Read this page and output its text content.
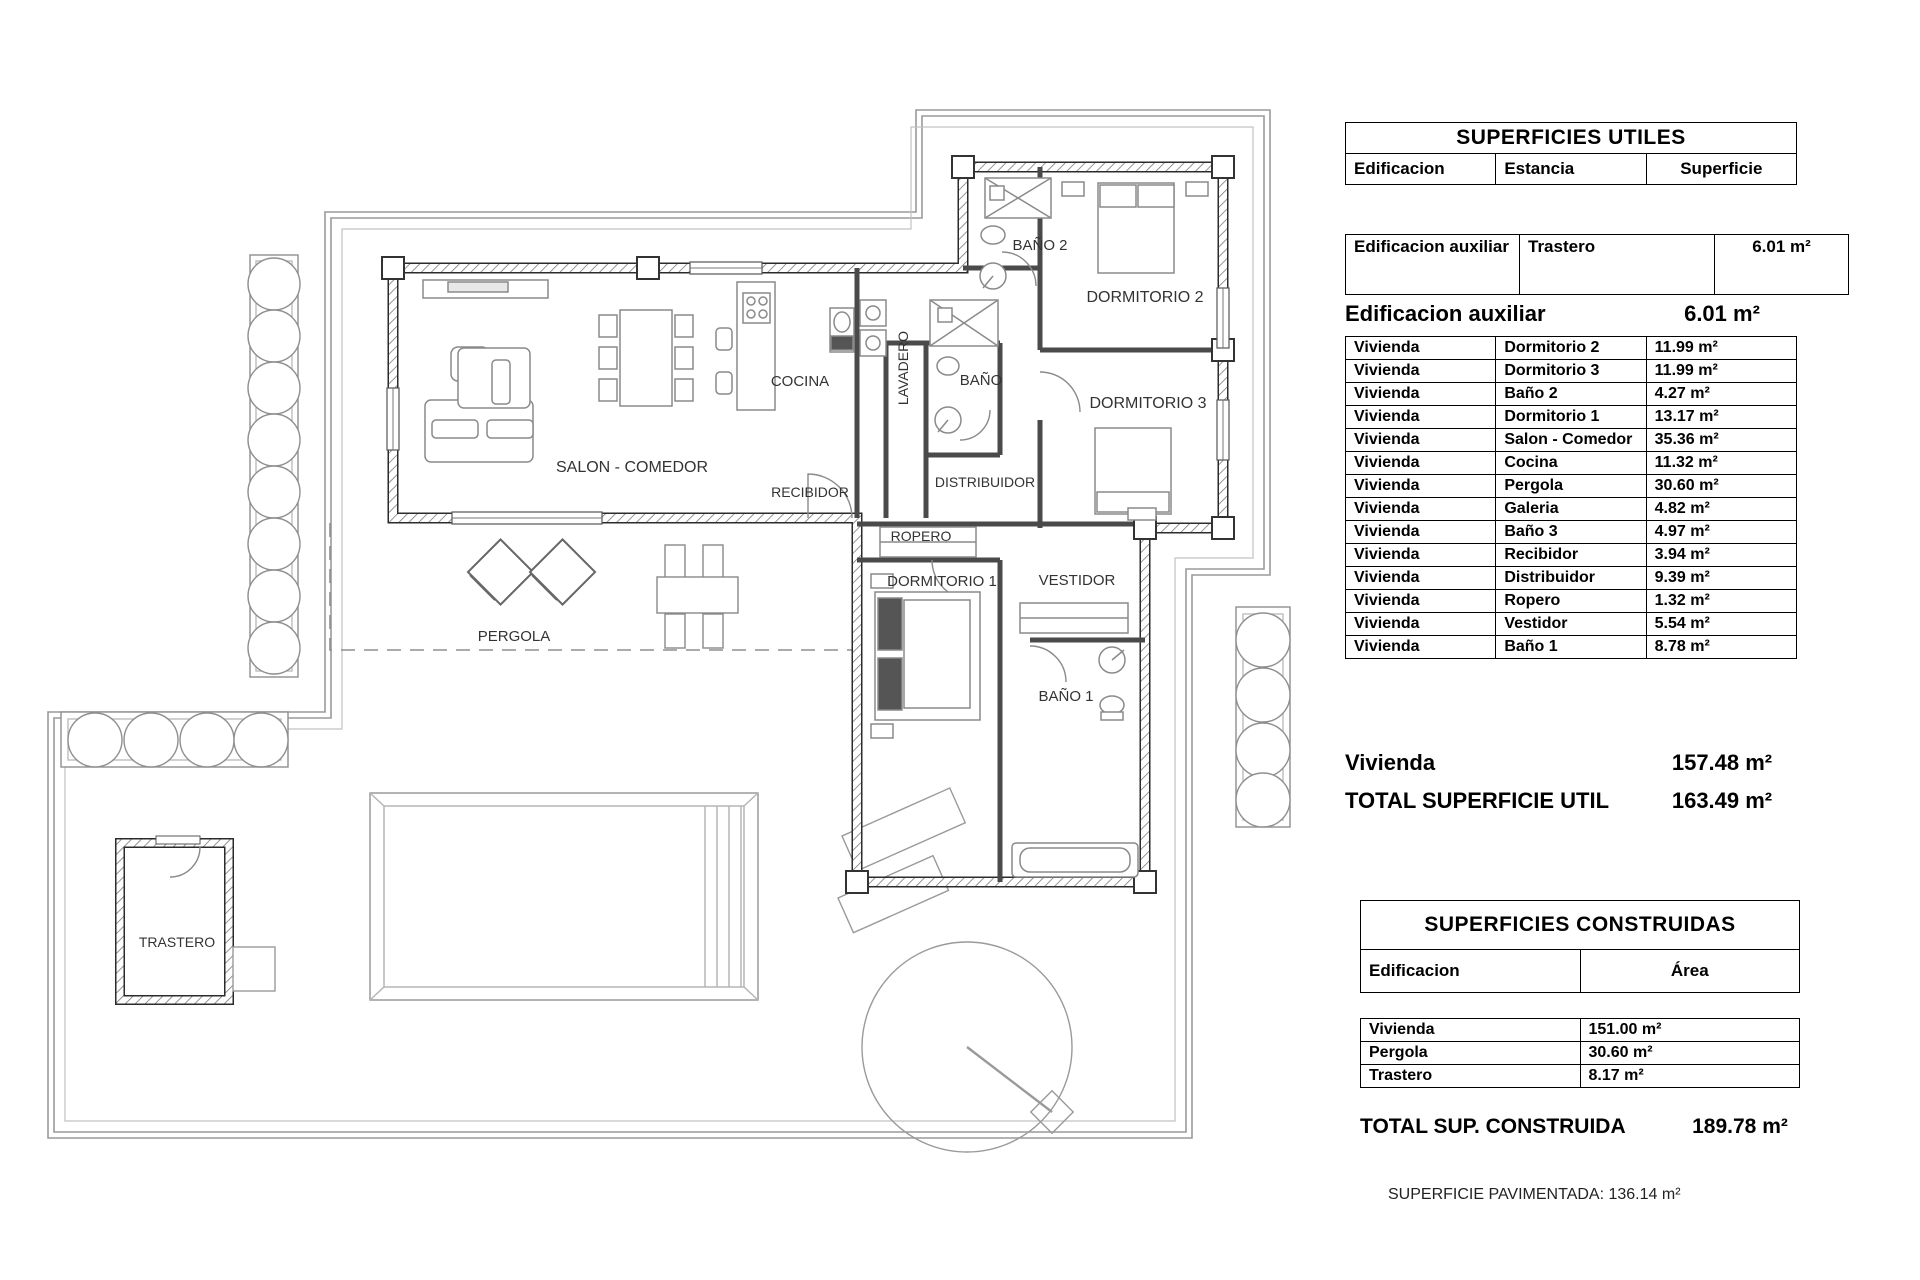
BAÑO 2
DORMITORIO 2
LAVADERO	BAÑO
DORMITORIO 3
COCINA
SALON - COMEDOR
RECIBIDOR
DISTRIBUIDOR
ROPERO
DORMITORIO 1	VESTIDOR
BAÑO 1
PERGOLA
TRASTERO
SUPERFICIES UTILES
Edificacion	Estancia	Superficie
Edificacion auxiliar	Trastero	6.01 m²
Edificacion auxiliar	6.01 m²
Vivienda	Dormitorio 2	11.99 m²
Vivienda	Dormitorio 3	11.99 m²
Vivienda	Baño 2	4.27 m²
Vivienda	Dormitorio 1	13.17 m²
Vivienda	Salon - Comedor	35.36 m²
Vivienda	Cocina	11.32 m²
Vivienda	Pergola	30.60 m²
Vivienda	Galeria	4.82 m²
Vivienda	Baño 3	4.97 m²
Vivienda	Recibidor	3.94 m²
Vivienda	Distribuidor	9.39 m²
Vivienda	Ropero	1.32 m²
Vivienda	Vestidor	5.54 m²
Vivienda	Baño 1	8.78 m²
Vivienda	157.48 m²
TOTAL SUPERFICIE UTIL	163.49 m²
SUPERFICIES CONSTRUIDAS
Edificacion	Área
Vivienda	151.00 m²
Pergola	30.60 m²
Trastero	8.17 m²
TOTAL SUP. CONSTRUIDA	189.78 m²
SUPERFICIE PAVIMENTADA: 136.14 m²
